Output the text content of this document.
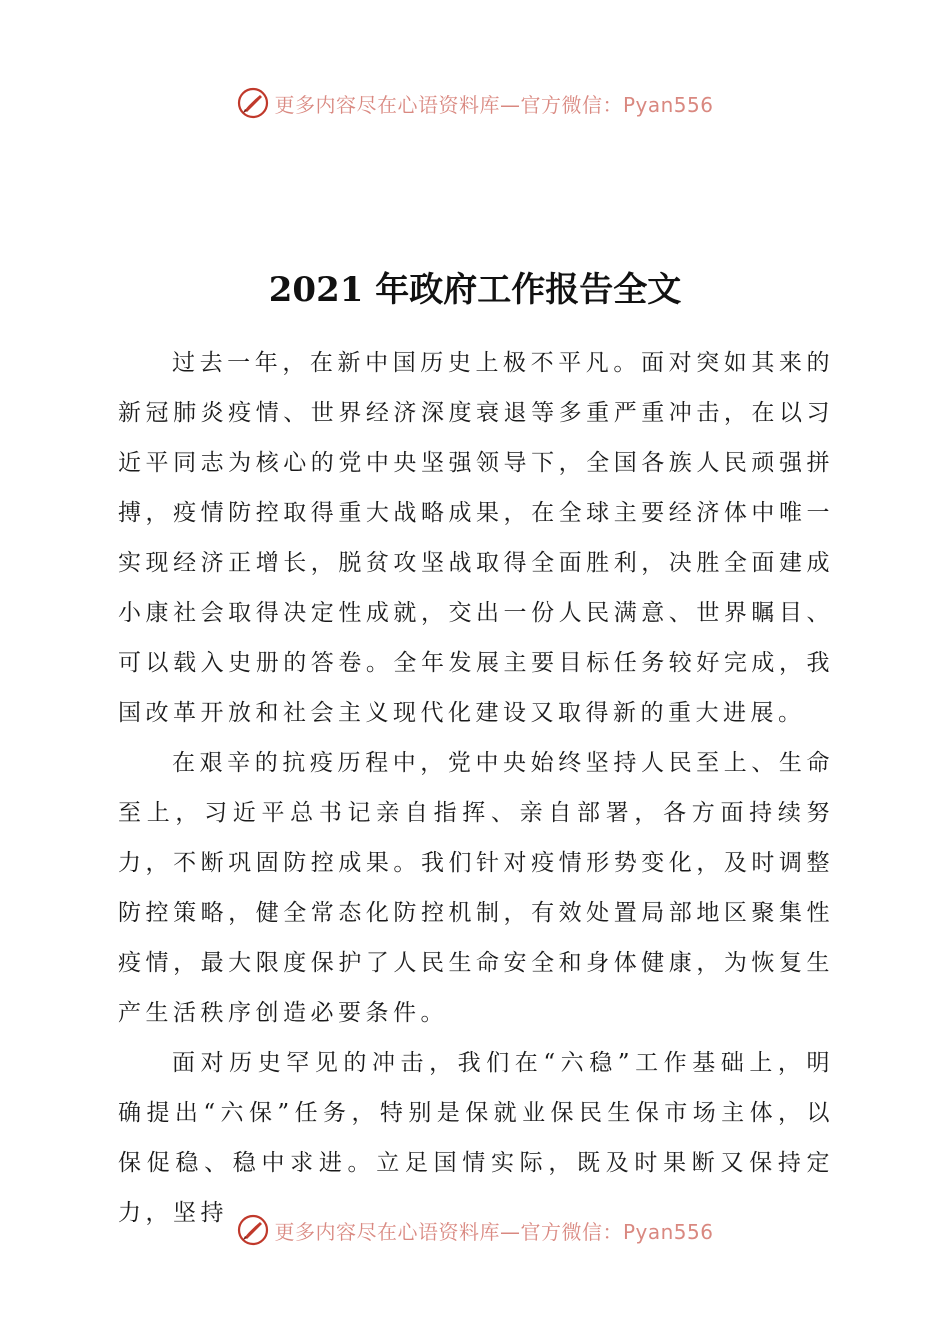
更多内容尽在心语资料库—官方微信：Pyan556
2021 年政府工作报告全文

过去一年，在新中国历史上极不平凡。面对突如其来的新冠肺炎疫情、世界经济深度衰退等多重严重冲击，在以习近平同志为核心的党中央坚强领导下，全国各族人民顽强拼搏，疫情防控取得重大战略成果，在全球主要经济体中唯一实现经济正增长，脱贫攻坚战取得全面胜利，决胜全面建成小康社会取得决定性成就，交出一份人民满意、世界瞩目、可以载入史册的答卷。全年发展主要目标任务较好完成，我国改革开放和社会主义现代化建设又取得新的重大进展。

在艰辛的抗疫历程中，党中央始终坚持人民至上、生命至上，习近平总书记亲自指挥、亲自部署，各方面持续努力，不断巩固防控成果。我们针对疫情形势变化，及时调整防控策略，健全常态化防控机制，有效处置局部地区聚集性疫情，最大限度保护了人民生命安全和身体健康，为恢复生产生活秩序创造必要条件。

面对历史罕见的冲击，我们在“六稳”工作基础上，明确提出“六保”任务，特别是保就业保民生保市场主体，以保促稳、稳中求进。立足国情实际，既及时果断又保持定力，坚持

更多内容尽在心语资料库—官方微信：Pyan556
